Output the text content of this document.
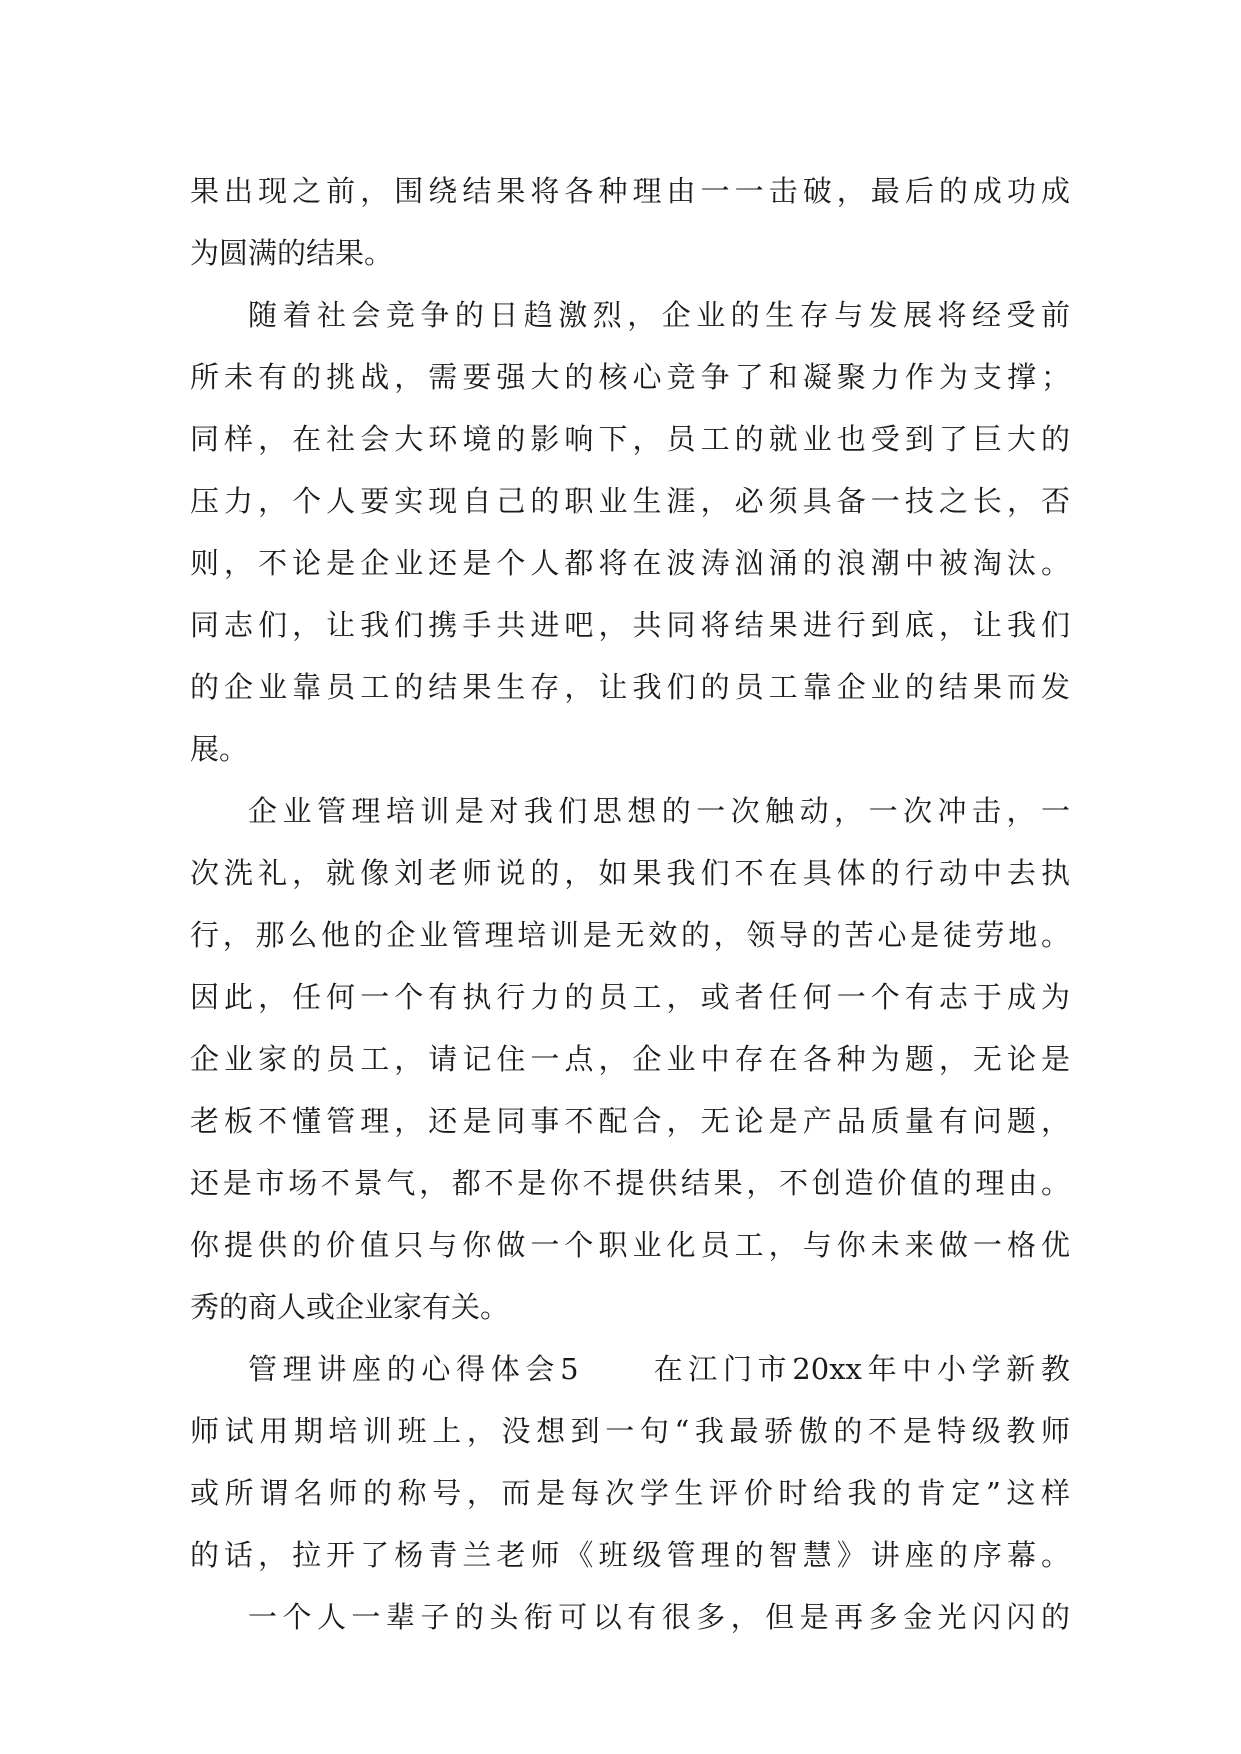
果出现之前，围绕结果将各种理由一一击破，最后的成功成
为圆满的结果。
随着社会竞争的日趋激烈，企业的生存与发展将经受前
所未有的挑战，需要强大的核心竞争了和凝聚力作为支撑；
同样，在社会大环境的影响下，员工的就业也受到了巨大的
压力，个人要实现自己的职业生涯，必须具备一技之长，否
则，不论是企业还是个人都将在波涛汹涌的浪潮中被淘汰。
同志们，让我们携手共进吧，共同将结果进行到底，让我们
的企业靠员工的结果生存，让我们的员工靠企业的结果而发
展。
企业管理培训是对我们思想的一次触动，一次冲击，一
次洗礼，就像刘老师说的，如果我们不在具体的行动中去执
行，那么他的企业管理培训是无效的，领导的苦心是徒劳地。
因此，任何一个有执行力的员工，或者任何一个有志于成为
企业家的员工，请记住一点，企业中存在各种为题，无论是
老板不懂管理，还是同事不配合，无论是产品质量有问题，
还是市场不景气，都不是你不提供结果，不创造价值的理由。
你提供的价值只与你做一个职业化员工，与你未来做一格优
秀的商人或企业家有关。
管理讲座的心得体会5　　在江门市20xx年中小学新教
师试用期培训班上，没想到一句“我最骄傲的不是特级教师
或所谓名师的称号，而是每次学生评价时给我的肯定”这样
的话，拉开了杨青兰老师《班级管理的智慧》讲座的序幕。
一个人一辈子的头衔可以有很多，但是再多金光闪闪的
